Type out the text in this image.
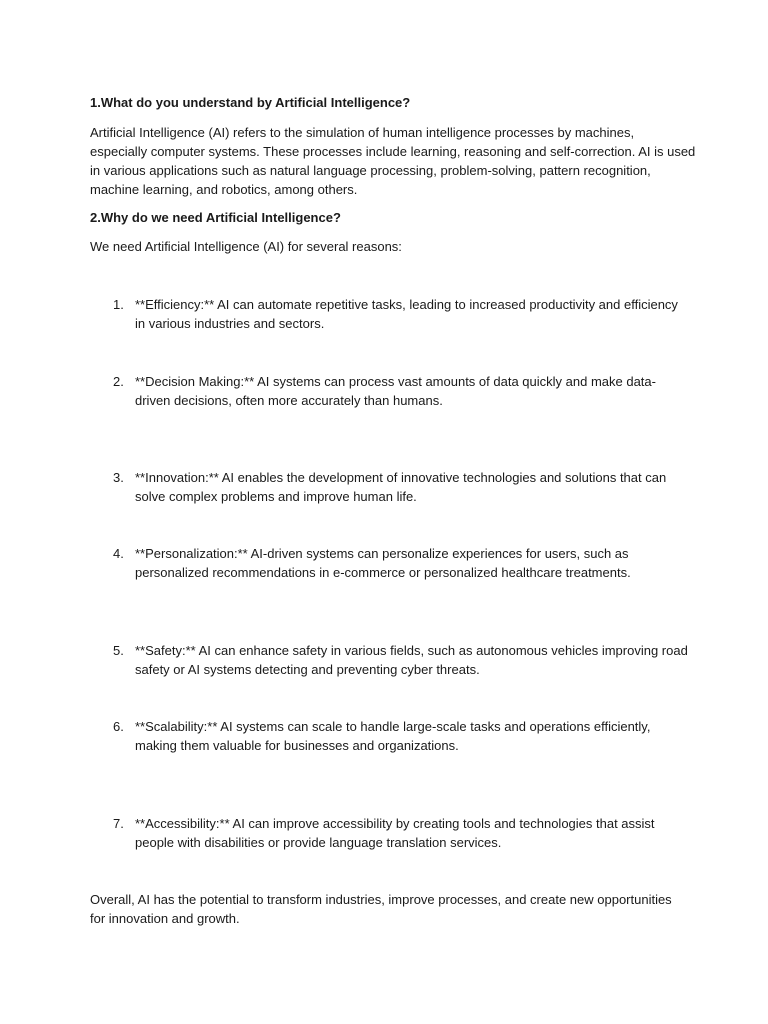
1.What do you understand by Artificial Intelligence?

Artificial Intelligence (AI) refers to the simulation of human intelligence processes by machines,

especially computer systems. These processes include learning, reasoning and self-correction. AI is used

in various applications such as natural language processing, problem-solving, pattern recognition,

machine learning, and robotics, among others.

2.Why do we need Artificial Intelligence?

We need Artificial Intelligence (AI) for several reasons:

1. **Efficiency:** AI can automate repetitive tasks, leading to increased productivity and efficiency
in various industries and sectors.
2. **Decision Making:** AI systems can process vast amounts of data quickly and make data-
driven decisions, often more accurately than humans.
3. **Innovation:** AI enables the development of innovative technologies and solutions that can
solve complex problems and improve human life.
4. **Personalization:** AI-driven systems can personalize experiences for users, such as
personalized recommendations in e-commerce or personalized healthcare treatments.
5. **Safety:** AI can enhance safety in various fields, such as autonomous vehicles improving road
safety or AI systems detecting and preventing cyber threats.
6. **Scalability:** AI systems can scale to handle large-scale tasks and operations efficiently,
making them valuable for businesses and organizations.
7. **Accessibility:** AI can improve accessibility by creating tools and technologies that assist
people with disabilities or provide language translation services.

Overall, AI has the potential to transform industries, improve processes, and create new opportunities

for innovation and growth.
